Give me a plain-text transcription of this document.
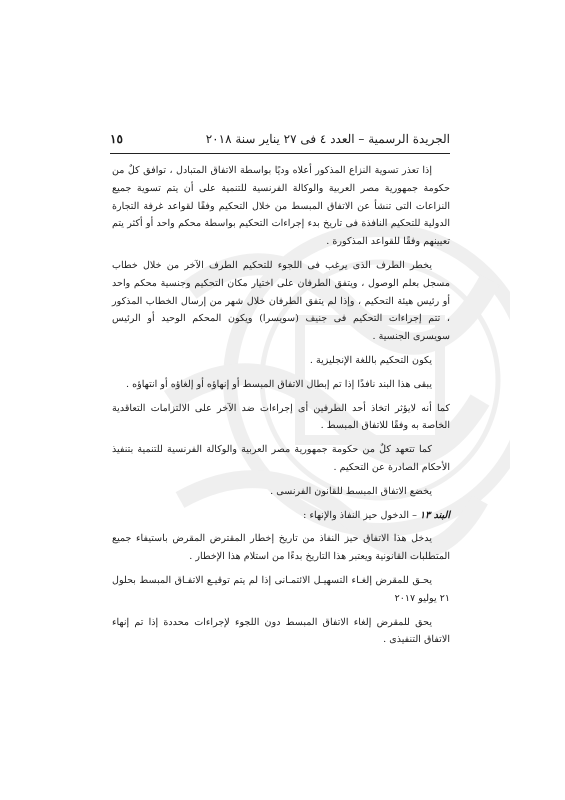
الجريدة الرسمية – العدد ٤ فى ٢٧ يناير سنة ٢٠١٨
١٥

إذا تعذر تسوية النزاع المذكور أعلاه وديًا بواسطة الاتفاق المتبادل ، توافق كلٌ من حكومة جمهورية مصر العربية والوكالة الفرنسية للتنمية على أن يتم تسوية جميع النزاعات التى تنشأ عن الاتفاق المبسط من خلال التحكيم وفقًا لقواعد غرفة التجارة الدولية للتحكيم النافذة فى تاريخ بدء إجراءات التحكيم بواسطة محكم واحد أو أكثر يتم تعيينهم وفقًا للقواعد المذكورة .

يخطر الطرف الذى يرغب فى اللجوء للتحكيم الطرف الآخر من خلال خطاب مسجل بعلم الوصول ، ويتفق الطرفان على اختيار مكان التحكيم وجنسية محكم واحد أو رئيس هيئة التحكيم ، وإذا لم يتفق الطرفان خلال شهر من إرسال الخطاب المذكور ، تتم إجراءات التحكيم فى جنيف (سويسرا) ويكون المحكم الوحيد أو الرئيس سويسرى الجنسية .

يكون التحكيم باللغة الإنجليزية .

يبقى هذا البند نافذًا إذا تم إبطال الاتفاق المبسط أو إنهاؤه أو إلغاؤه أو انتهاؤه .

كما أنه لايؤثر اتخاذ أحد الطرفين أى إجراءات ضد الآخر على الالتزامات التعاقدية الخاصة به وفقًا للاتفاق المبسط .

كما تتعهد كلٌ من حكومة جمهورية مصر العربية والوكالة الفرنسية للتنمية بتنفيذ الأحكام الصادرة عن التحكيم .

يخضع الاتفاق المبسط للقانون الفرنسى .

البند ١٣ – الدخول حيز النفاذ والإنهاء :

يدخل هذا الاتفاق حيز النفاذ من تاريخ إخطار المقترض المقرض باستيفاء جميع المتطلبات القانونية ويعتبر هذا التاريخ بدءًا من استلام هذا الإخطار .

يحـق للمقرض إلغـاء التسهيـل الائتمـانى إذا لم يتم توقيـع الاتفـاق المبسط بحلول ٢١ يوليو ٢٠١٧

يحق للمقرض إلغاء الاتفاق المبسط دون اللجوء لإجراءات محددة إذا تم إنهاء الاتفاق التنفيذى .
